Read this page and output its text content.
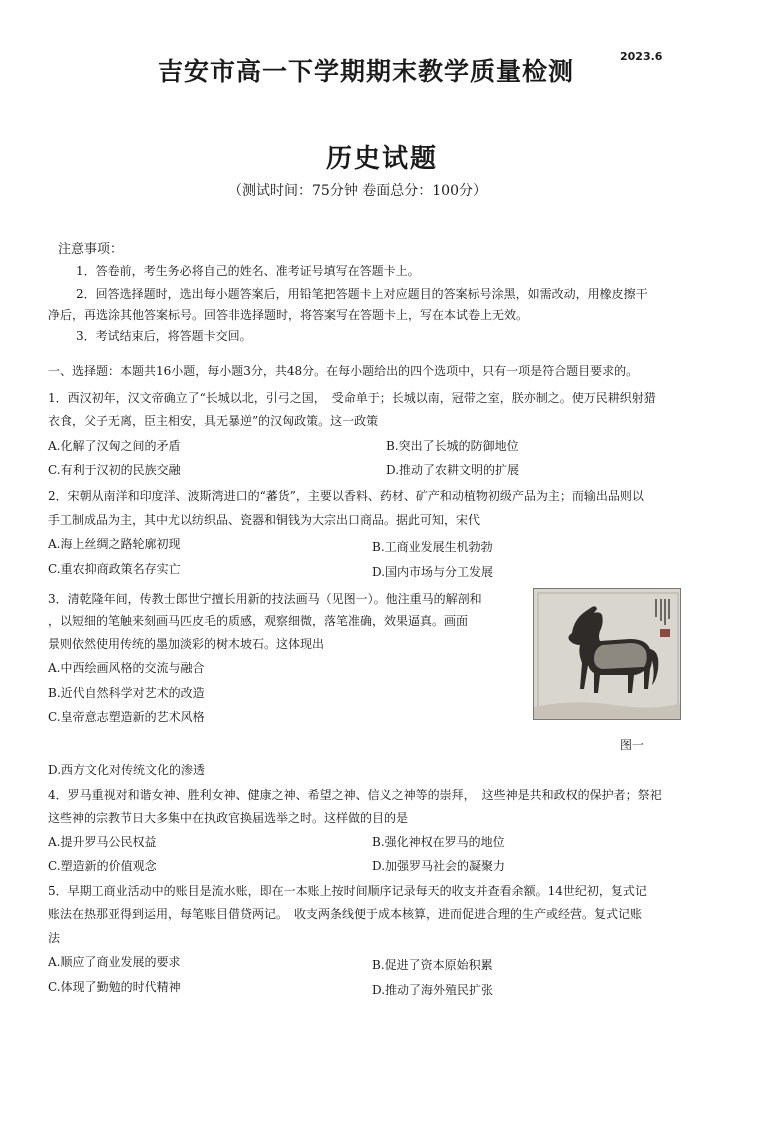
吉安市高一下学期期末教学质量检测
2023.6
历史试题
（测试时间：75分钟 卷面总分：100分）
注意事项：
1．答卷前，考生务必将自己的姓名、准考证号填写在答题卡上。
2．回答选择题时，选出每小题答案后，用铅笔把答题卡上对应题目的答案标号涂黑，如需改动，用橡皮擦干
净后，再选涂其他答案标号。回答非选择题时，将答案写在答题卡上，写在本试卷上无效。
3．考试结束后，将答题卡交回。
一、选择题：本题共16小题，每小题3分，共48分。在每小题给出的四个选项中，只有一项是符合题目要求的。
1．西汉初年，汉文帝确立了“长城以北，引弓之国，　受命单于；长城以南，冠带之室，朕亦制之。使万民耕织射猎
衣食，父子无离，臣主相安，具无暴逆”的汉匈政策。这一政策
A.化解了汉匈之间的矛盾	B.突出了长城的防御地位
C.有利于汉初的民族交融	D.推动了农耕文明的扩展
2．宋朝从南洋和印度洋、波斯湾进口的“蕃货”，主要以香料、药材、矿产和动植物初级产品为主；而输出品则以
手工制成品为主，其中尤以纺织品、瓷器和铜钱为大宗出口商品。据此可知，宋代
A.海上丝绸之路轮廓初现	B.工商业发展生机勃勃
C.重农抑商政策名存实亡	D.国内市场与分工发展
3．清乾隆年间，传教士郎世宁擅长用新的技法画马（见图一）。他注重马的解剖和
，以短细的笔触来刻画马匹皮毛的质感，观察细微，落笔准确，效果逼真。画面
景则依然使用传统的墨加淡彩的树木坡石。这体现出
A.中西绘画风格的交流与融合
B.近代自然科学对艺术的改造
C.皇帝意志塑造新的艺术风格
D.西方文化对传统文化的渗透
图一
4．罗马重视对和谐女神、胜利女神、健康之神、希望之神、信义之神等的崇拜，　这些神是共和政权的保护者；祭祀
这些神的宗教节日大多集中在执政官换届选举之时。这样做的目的是
A.提升罗马公民权益	B.强化神权在罗马的地位
C.塑造新的价值观念	D.加强罗马社会的凝聚力
5．早期工商业活动中的账目是流水账，即在一本账上按时间顺序记录每天的收支并查看余额。14世纪初，复式记
账法在热那亚得到运用，每笔账目借贷两记。　收支两条线便于成本核算，进而促进合理的生产或经营。复式记账
法
A.顺应了商业发展的要求	B.促进了资本原始积累
C.体现了勤勉的时代精神	D.推动了海外殖民扩张
